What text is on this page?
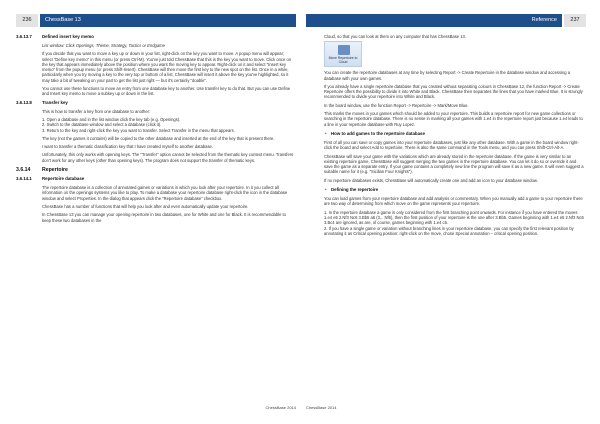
236	ChessBase 13
3.6.13.7	Defined insert key memo

List window: Click Openings, Theme, Strategy, Tactics or Endgame

If you decide that you want to move a key up or down in your list, right-click on the key you want to move. A popup menu will appear; select "Define key memo" in this menu (or press Ctrl-M). You've just told ChessBase that this is the key you want to move. Click once on the key that appears immediately above the position where you want the moving key to appear. Right-click on it and select "Insert key memo" from the popup menu (or press Shift-Insert). ChessBase will then move the first key to the new spot on the list. Once in a while, particularly when you try moving a key to the very top or bottom of a list, ChessBase will insert it above the key you've highlighted, so it may take a bit of tweaking on your part to get the list just right — but it's certainly "doable".

You cannot use these functions to move an entry from one database key to another. Use transfer key to do that. But you can use Define and Insert key memo to move a subkey up or down in the list.

3.6.13.8	Transfer key

This is how to transfer a key from one database to another:

1. Open a database and in the list window click the key tab (e.g. Openings).
2. Switch to the database window and select a database (click it).
3. Return to the key and right-click the key you want to transfer. Select Transfer in the menu that appears.

The key (not the games it contains) will be copied to the other database and inserted at the end of the key that is present there.

I want to transfer a thematic classification key that I have created myself to another database.

Unfortunately, this only works with opening keys. The "Transfer" option cannot be selected from the thematic key context menu. Transfers don't work for any other keys (other than opening keys). The program does not support the transfer of thematic keys.

3.6.14	Repertoire
3.6.14.1	Repertoire database

The repertoire database is a collection of annotated games or variations in which you look after your repertoire. In it you collect all information on the openings systems you like to play. To make a database your repertoire database right-click the icon in the database window and select Properties. In the dialog that appears click the "Repertoire database" checkbox.

ChessBase has a number of functions that will help you look after and even automatically update your repertoire.

In ChessBase 13 you can manage your opening repertoire in two databases, one for White and one for Black. It is recommendable to keep these two databases in the

ChessBase 2014
Reference	237

Cloud, so that you can look at them on any computer that has ChessBase 13.

Move Repertoire to Cloud

You can create the repertoire databases at any time by selecting Report -> Create Repertoire in the database window and accessing a database with your own games.

If you already have a single repertoire database that you created without separating colours in ChessBase 12, the function Report -> Create Repertoire offers the possibility to divide it into White and Black. ChessBase then separates the lines that you have marked Blue. It is strongly recommended to divide your repertoire into White and Black.

In the board window, use the function Report -> Repertoire -> Mark/Move Blue.

This marks the moves in your games which should be added to your repertoire. This builds a repertoire report for new game collections or searching in the repertoire database. There is no sense in marking all your games with 1.e4 in the repertoire report just because 1.e4 leads to a line in your repertoire database with Ruy Lopez.

• How to add games to the repertoire database

First of all you can save or copy games into your repertoire databases, just like any other database. With a game in the board window right-click the board and select Add to repertoire. There is also the same command in the Tools menu, and you can press Shift-Ctrl-Alt-A.

ChessBase will save your game with the variations which are already stored in the repertoire database. If the game is very similar to an existing repertoire game, ChessBase will suggest merging the two games in the repertoire database. You can let it do so or override it and save the game as a separate entry. If your game contains a completely new line the program will save it as a new game. It will even suggest a suitable name for it (e.g. "Sicilian Four Knights").

If no repertoire databases exists, ChessBase will automatically create one and add an icon to your database window.

• Defining the repertoire

You can load games from your repertoire database and add analysis or commentary. When you manually add a game to your repertoire there are two way of determining from which move on the game represents your repertoire.

1. In the repertoire database a game is only considered from the first branching point onwards. For instance if you have entered the moves 1.e4 e5 2.Nf3 Nc6 3.Bb5 a6 (3... Nf6), then the first position of your repertoire is the one after 3.Bb5. Games beginning with 1.e4 e5 2.Nf3 Nc6 3.Bc4 are ignored, as are, of course, games beginning with 1.e4 c5.
2. If you have a single game or variation without branching lines in your repertoire database, you can specify the first relevant position by annotating it as Critical opening position: right-click on the move, chose Special annotation – critical opening position.
ChessBase 2014
